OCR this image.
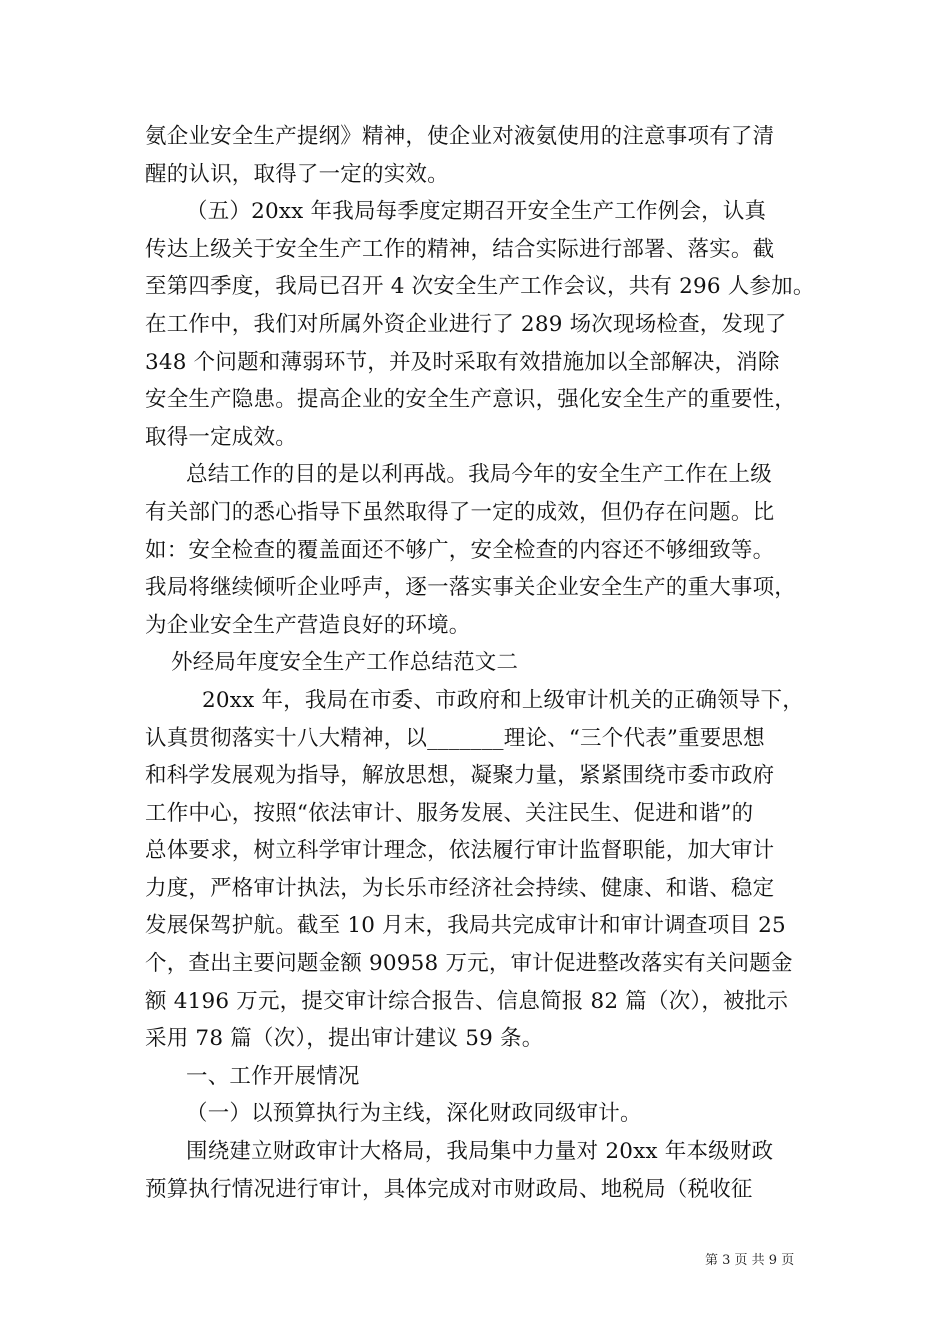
氨企业安全生产提纲》精神，使企业对液氨使用的注意事项有了清
醒的认识，取得了一定的实效。
（五）20xx 年我局每季度定期召开安全生产工作例会，认真
传达上级关于安全生产工作的精神，结合实际进行部署、落实。截
至第四季度，我局已召开 4 次安全生产工作会议，共有 296 人参加。
在工作中，我们对所属外资企业进行了 289 场次现场检查，发现了
348 个问题和薄弱环节，并及时采取有效措施加以全部解决，消除
安全生产隐患。提高企业的安全生产意识，强化安全生产的重要性，
取得一定成效。
总结工作的目的是以利再战。我局今年的安全生产工作在上级
有关部门的悉心指导下虽然取得了一定的成效，但仍存在问题。比
如：安全检查的覆盖面还不够广，安全检查的内容还不够细致等。
我局将继续倾听企业呼声，逐一落实事关企业安全生产的重大事项，
为企业安全生产营造良好的环境。
外经局年度安全生产工作总结范文二
20xx 年，我局在市委、市政府和上级审计机关的正确领导下，
认真贯彻落实十八大精神，以_______理论、“三个代表”重要思想
和科学发展观为指导，解放思想，凝聚力量，紧紧围绕市委市政府
工作中心，按照“依法审计、服务发展、关注民生、促进和谐”的
总体要求，树立科学审计理念，依法履行审计监督职能，加大审计
力度，严格审计执法，为长乐市经济社会持续、健康、和谐、稳定
发展保驾护航。截至 10 月末，我局共完成审计和审计调查项目 25
个，查出主要问题金额 90958 万元，审计促进整改落实有关问题金
额 4196 万元，提交审计综合报告、信息简报 82 篇（次），被批示
采用 78 篇（次），提出审计建议 59 条。
一、工作开展情况
（一）以预算执行为主线，深化财政同级审计。
围绕建立财政审计大格局，我局集中力量对 20xx 年本级财政
预算执行情况进行审计，具体完成对市财政局、地税局（税收征
第 3 页 共 9 页
